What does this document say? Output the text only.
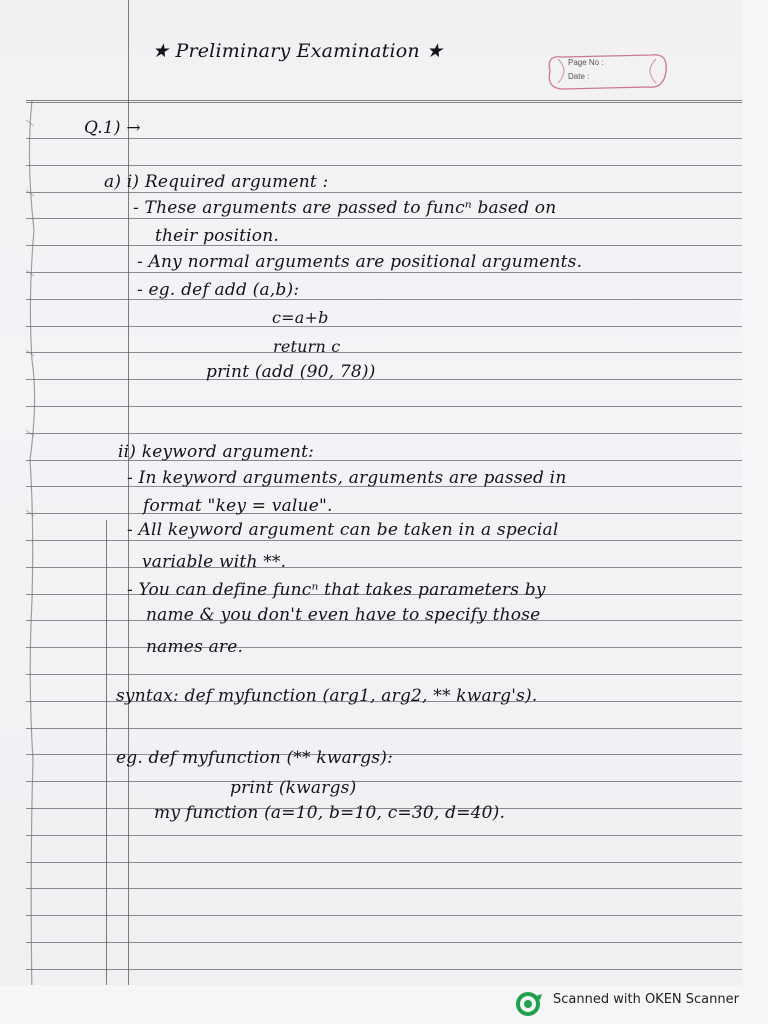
★ Preliminary Examination ★
Page No :
Date :
Q.1) →
a) i) Required argument :
- These arguments are passed to funcⁿ based on
their position.
- Any normal arguments are positional arguments.
- eg. def add (a,b):
c=a+b
return c
print (add (90, 78))
ii) keyword argument:
- In keyword arguments, arguments are passed in
format "key = value".
- All keyword argument can be taken in a special
variable with **.
- You can define funcⁿ that takes parameters by
name & you don't even have to specify those
names are.
syntax: def myfunction (arg1, arg2, ** kwarg's).
eg. def myfunction (** kwargs):
print (kwargs)
my function (a=10, b=10, c=30, d=40).
Scanned with OKEN Scanner
